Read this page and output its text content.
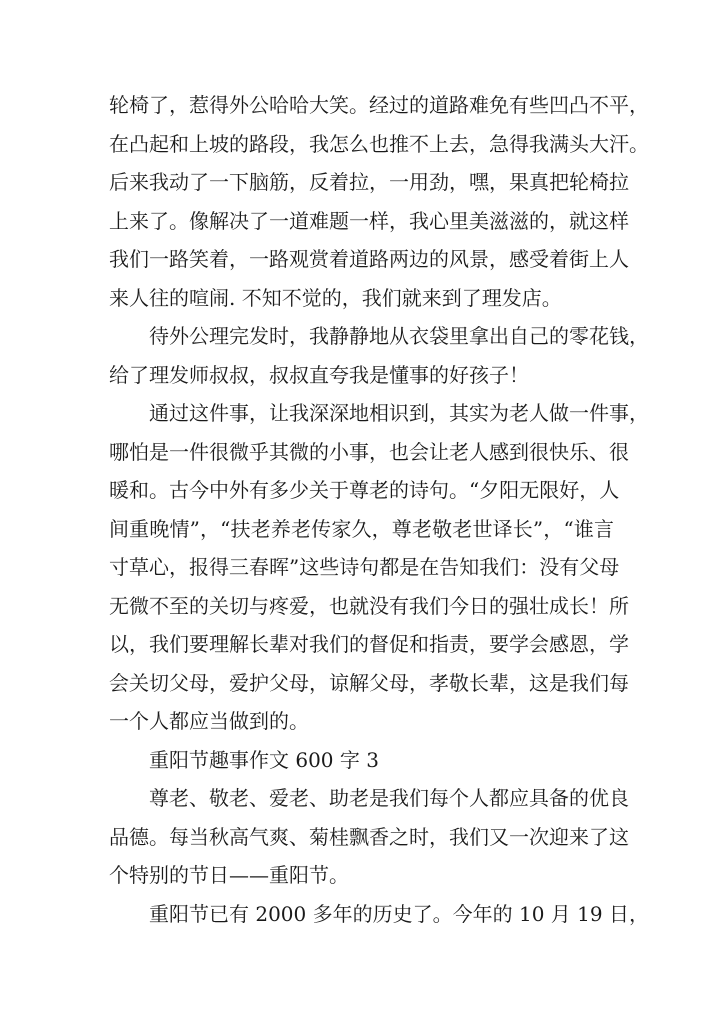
轮椅了，惹得外公哈哈大笑。经过的道路难免有些凹凸不平，
在凸起和上坡的路段，我怎么也推不上去，急得我满头大汗。
后来我动了一下脑筋，反着拉，一用劲，嘿，果真把轮椅拉
上来了。像解决了一道难题一样，我心里美滋滋的，就这样
我们一路笑着，一路观赏着道路两边的风景，感受着街上人
来人往的喧闹. 不知不觉的，我们就来到了理发店。
待外公理完发时，我静静地从衣袋里拿出自己的零花钱，
给了理发师叔叔，叔叔直夸我是懂事的好孩子！
通过这件事，让我深深地相识到，其实为老人做一件事，
哪怕是一件很微乎其微的小事，也会让老人感到很快乐、很
暖和。古今中外有多少关于尊老的诗句。“夕阳无限好，人
间重晚情”，“扶老养老传家久，尊老敬老世译长”，“谁言
寸草心，报得三春晖”这些诗句都是在告知我们：没有父母
无微不至的关切与疼爱，也就没有我们今日的强壮成长！所
以，我们要理解长辈对我们的督促和指责，要学会感恩，学
会关切父母，爱护父母，谅解父母，孝敬长辈，这是我们每
一个人都应当做到的。
重阳节趣事作文 600 字 3
尊老、敬老、爱老、助老是我们每个人都应具备的优良
品德。每当秋高气爽、菊桂飘香之时，我们又一次迎来了这
个特别的节日——重阳节。
重阳节已有 2000 多年的历史了。今年的 10 月 19 日，
